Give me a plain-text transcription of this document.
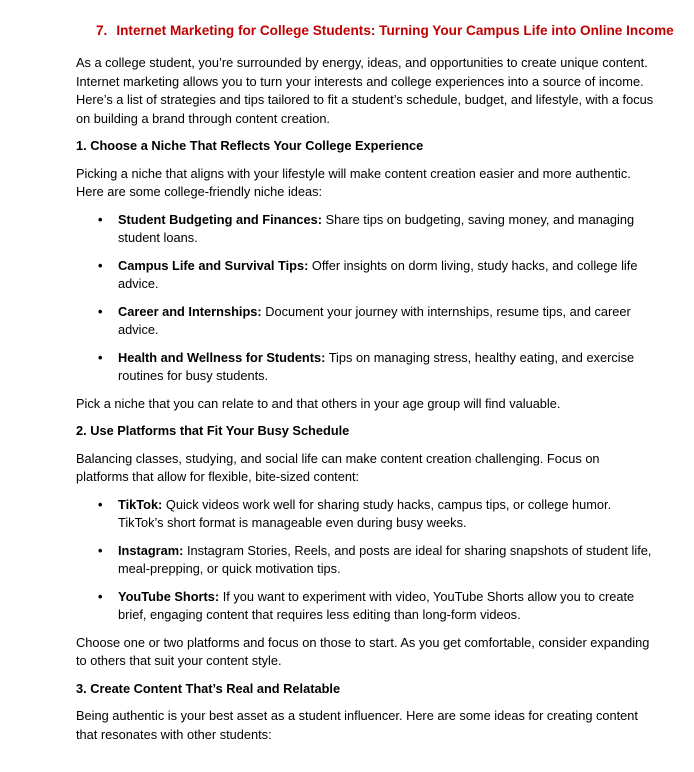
7. Internet Marketing for College Students: Turning Your Campus Life into Online Income

As a college student, you’re surrounded by energy, ideas, and opportunities to create unique content. Internet marketing allows you to turn your interests and college experiences into a source of income. Here’s a list of strategies and tips tailored to fit a student’s schedule, budget, and lifestyle, with a focus on building a brand through content creation.

1. Choose a Niche That Reflects Your College Experience

Picking a niche that aligns with your lifestyle will make content creation easier and more authentic. Here are some college-friendly niche ideas:

• Student Budgeting and Finances: Share tips on budgeting, saving money, and managing student loans.
• Campus Life and Survival Tips: Offer insights on dorm living, study hacks, and college life advice.
• Career and Internships: Document your journey with internships, resume tips, and career advice.
• Health and Wellness for Students: Tips on managing stress, healthy eating, and exercise routines for busy students.

Pick a niche that you can relate to and that others in your age group will find valuable.

2. Use Platforms that Fit Your Busy Schedule

Balancing classes, studying, and social life can make content creation challenging. Focus on platforms that allow for flexible, bite-sized content:

• TikTok: Quick videos work well for sharing study hacks, campus tips, or college humor. TikTok’s short format is manageable even during busy weeks.
• Instagram: Instagram Stories, Reels, and posts are ideal for sharing snapshots of student life, meal-prepping, or quick motivation tips.
• YouTube Shorts: If you want to experiment with video, YouTube Shorts allow you to create brief, engaging content that requires less editing than long-form videos.

Choose one or two platforms and focus on those to start. As you get comfortable, consider expanding to others that suit your content style.

3. Create Content That’s Real and Relatable

Being authentic is your best asset as a student influencer. Here are some ideas for creating content that resonates with other students:
